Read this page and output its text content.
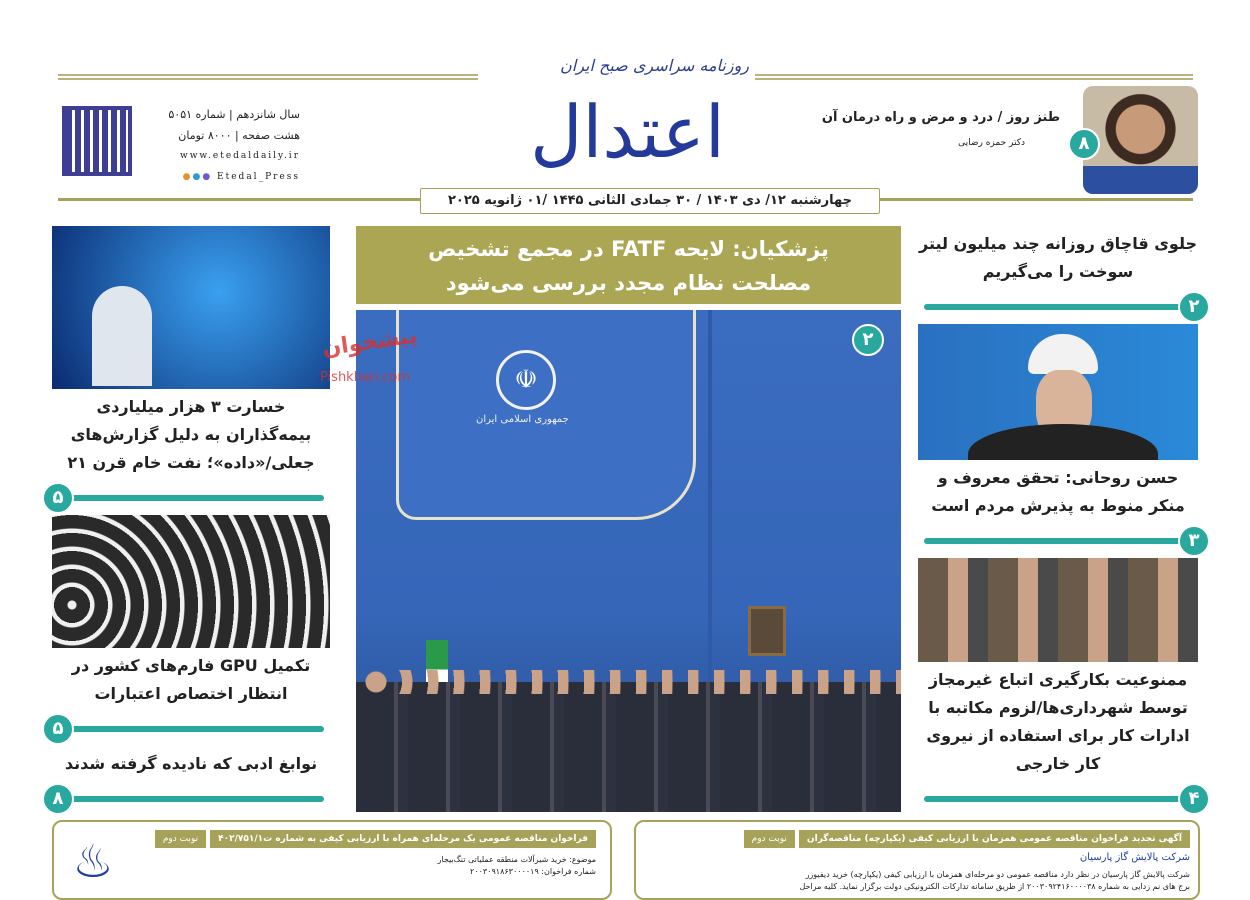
سال شانزدهم | شماره ۵۰۵۱
هشت صفحه | ۸۰۰۰ تومان
www.etedaldaily.ir
●●● Etedal_Press
روزنامه سراسری صبح ایران
اعتدال
چهارشنبه ۱۲/ دی ۱۴۰۳ / ۳۰ جمادی الثانی ۱۴۴۵ /۰۱ ژانویه ۲۰۲۵
۸
طنز روز / درد و مرض و راه درمان آن
دکتر حمزه رضایی
پزشکیان: لایحه FATF در مجمع تشخیص
مصلحت نظام مجدد بررسی می‌شود
☫
جمهوری اسلامی ایران
۲
جلوی قاچاق روزانه چند میلیون لیتر سوخت را می‌گیریم
۲
حسن روحانی: تحقق معروف و منکر منوط به پذیرش مردم است
۳
ممنوعیت بکارگیری اتباع غیرمجاز توسط شهرداری‌ها/لزوم مکاتبه با ادارات کار برای استفاده از نیروی کار خارجی
۴
خسارت ۳ هزار میلیاردی بیمه‌گذاران به دلیل گزارش‌های جعلی/«داده»؛ نفت خام قرن ۲۱
۵
تکمیل GPU فارم‌های کشور در انتظار اختصاص اعتبارات
۵
نوابغ ادبی که نادیده گرفته شدند
۸
پیشخوان
Pishkhan.com
♨	فراخوان مناقصه عمومی یک مرحله‌ای همراه با ارزیابی کیفی به شماره ت۴۰۲/۷۵۱/۱
نوبت دوم
موضوع: خرید شیرآلات منطقه عملیاتی تنگ‌بیجار
شماره فراخوان: ۲۰۰۳۰۹۱۸۶۳۰۰۰۰۱۹
آگهی تجدید فراخوان مناقصه عمومی همزمان با ارزیابی کیفی (یکپارچه) مناقصه‌گران
نوبت دوم
شرکت پالایش گاز پارسیان
شرکت پالایش گاز پارسیان در نظر دارد مناقصه عمومی دو مرحله‌ای همزمان با ارزیابی کیفی (یکپارچه) خرید دیفیوزر
برج های نم زدایی به شماره ۲۰۰۳۰۹۲۴۱۶۰۰۰۰۳۸ از طریق سامانه تدارکات الکترونیکی دولت برگزار نماید. کلیه مراحل
